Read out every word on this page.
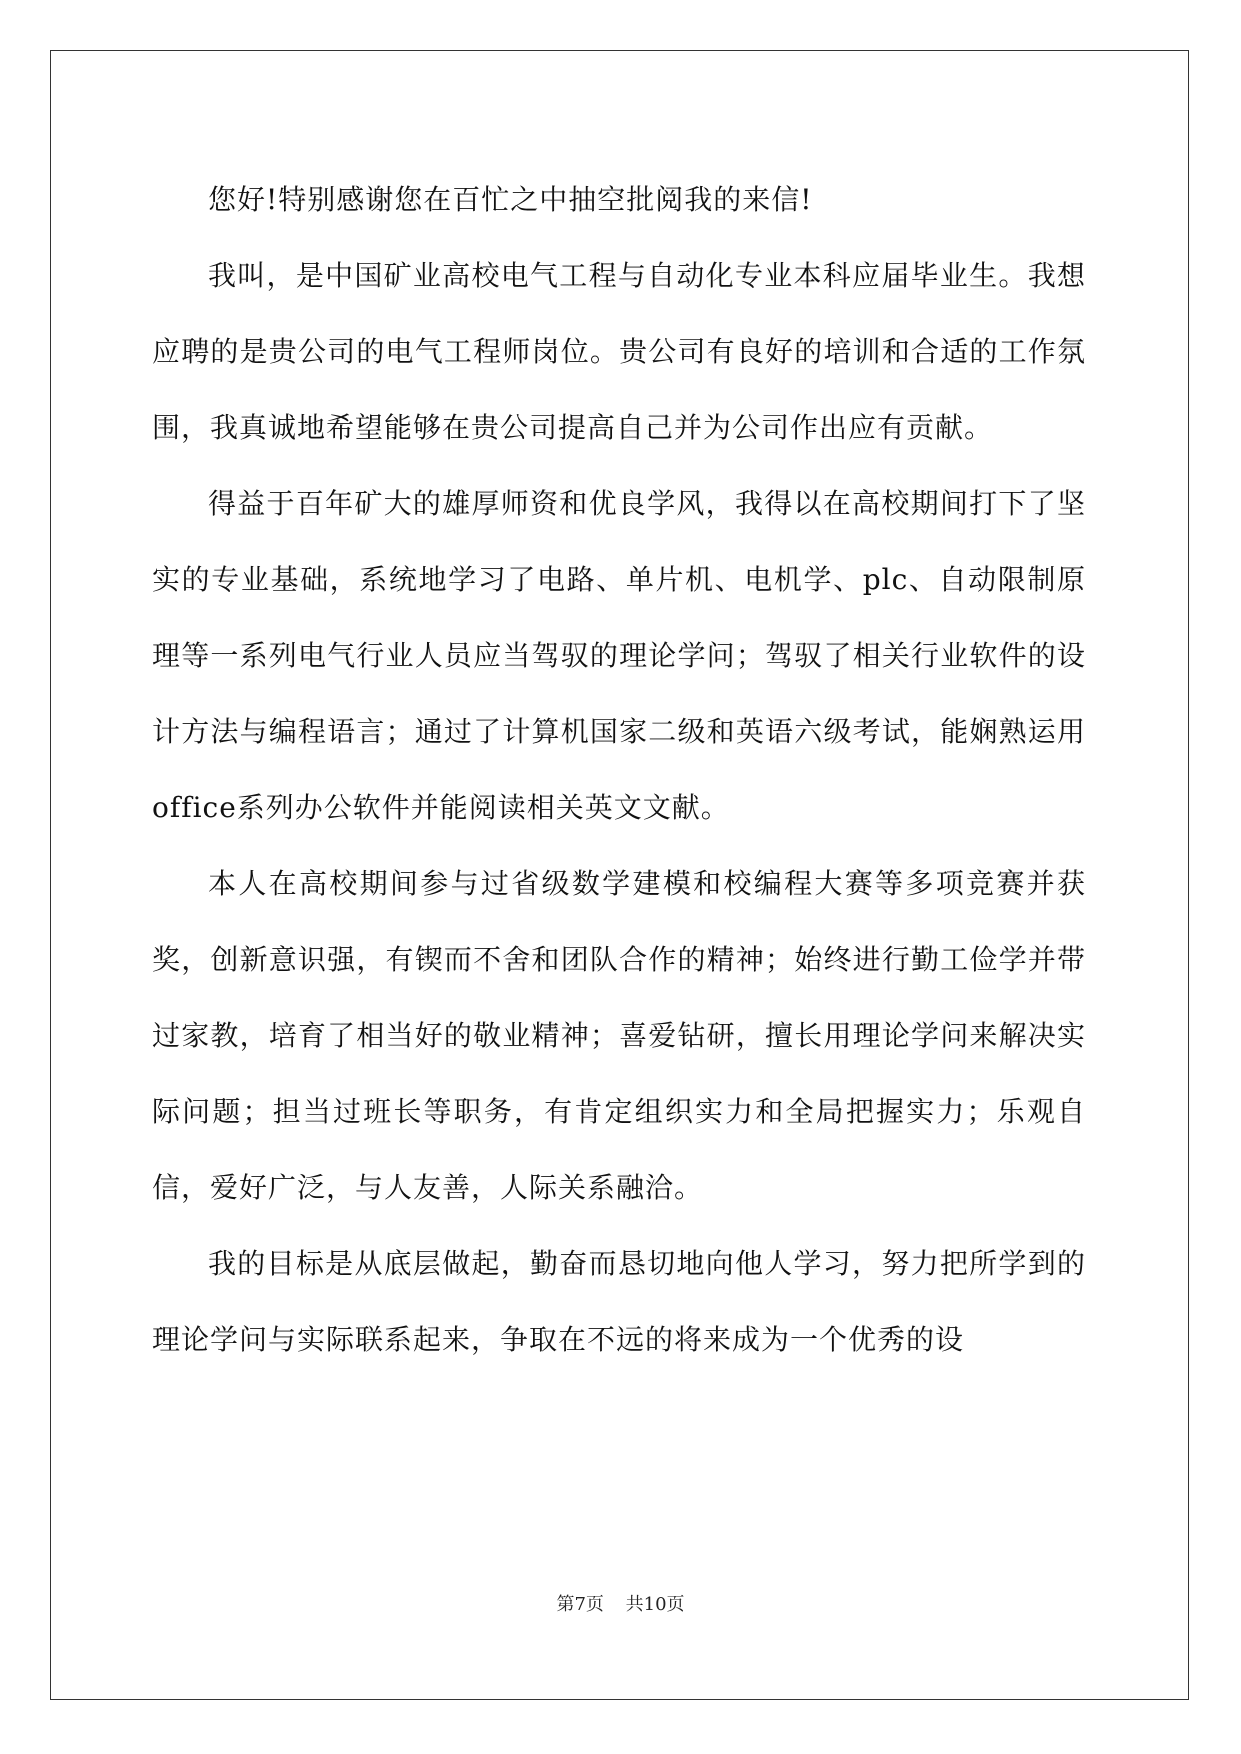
您好!特别感谢您在百忙之中抽空批阅我的来信!

我叫，是中国矿业高校电气工程与自动化专业本科应届毕业生。我想应聘的是贵公司的电气工程师岗位。贵公司有良好的培训和合适的工作氛围，我真诚地希望能够在贵公司提高自己并为公司作出应有贡献。

得益于百年矿大的雄厚师资和优良学风，我得以在高校期间打下了坚实的专业基础，系统地学习了电路、单片机、电机学、plc、自动限制原理等一系列电气行业人员应当驾驭的理论学问；驾驭了相关行业软件的设计方法与编程语言；通过了计算机国家二级和英语六级考试，能娴熟运用office系列办公软件并能阅读相关英文文献。

本人在高校期间参与过省级数学建模和校编程大赛等多项竞赛并获奖，创新意识强，有锲而不舍和团队合作的精神；始终进行勤工俭学并带过家教，培育了相当好的敬业精神；喜爱钻研，擅长用理论学问来解决实际问题；担当过班长等职务，有肯定组织实力和全局把握实力；乐观自信，爱好广泛，与人友善，人际关系融洽。

我的目标是从底层做起，勤奋而恳切地向他人学习，努力把所学到的理论学问与实际联系起来，争取在不远的将来成为一个优秀的设

第7页 共10页
